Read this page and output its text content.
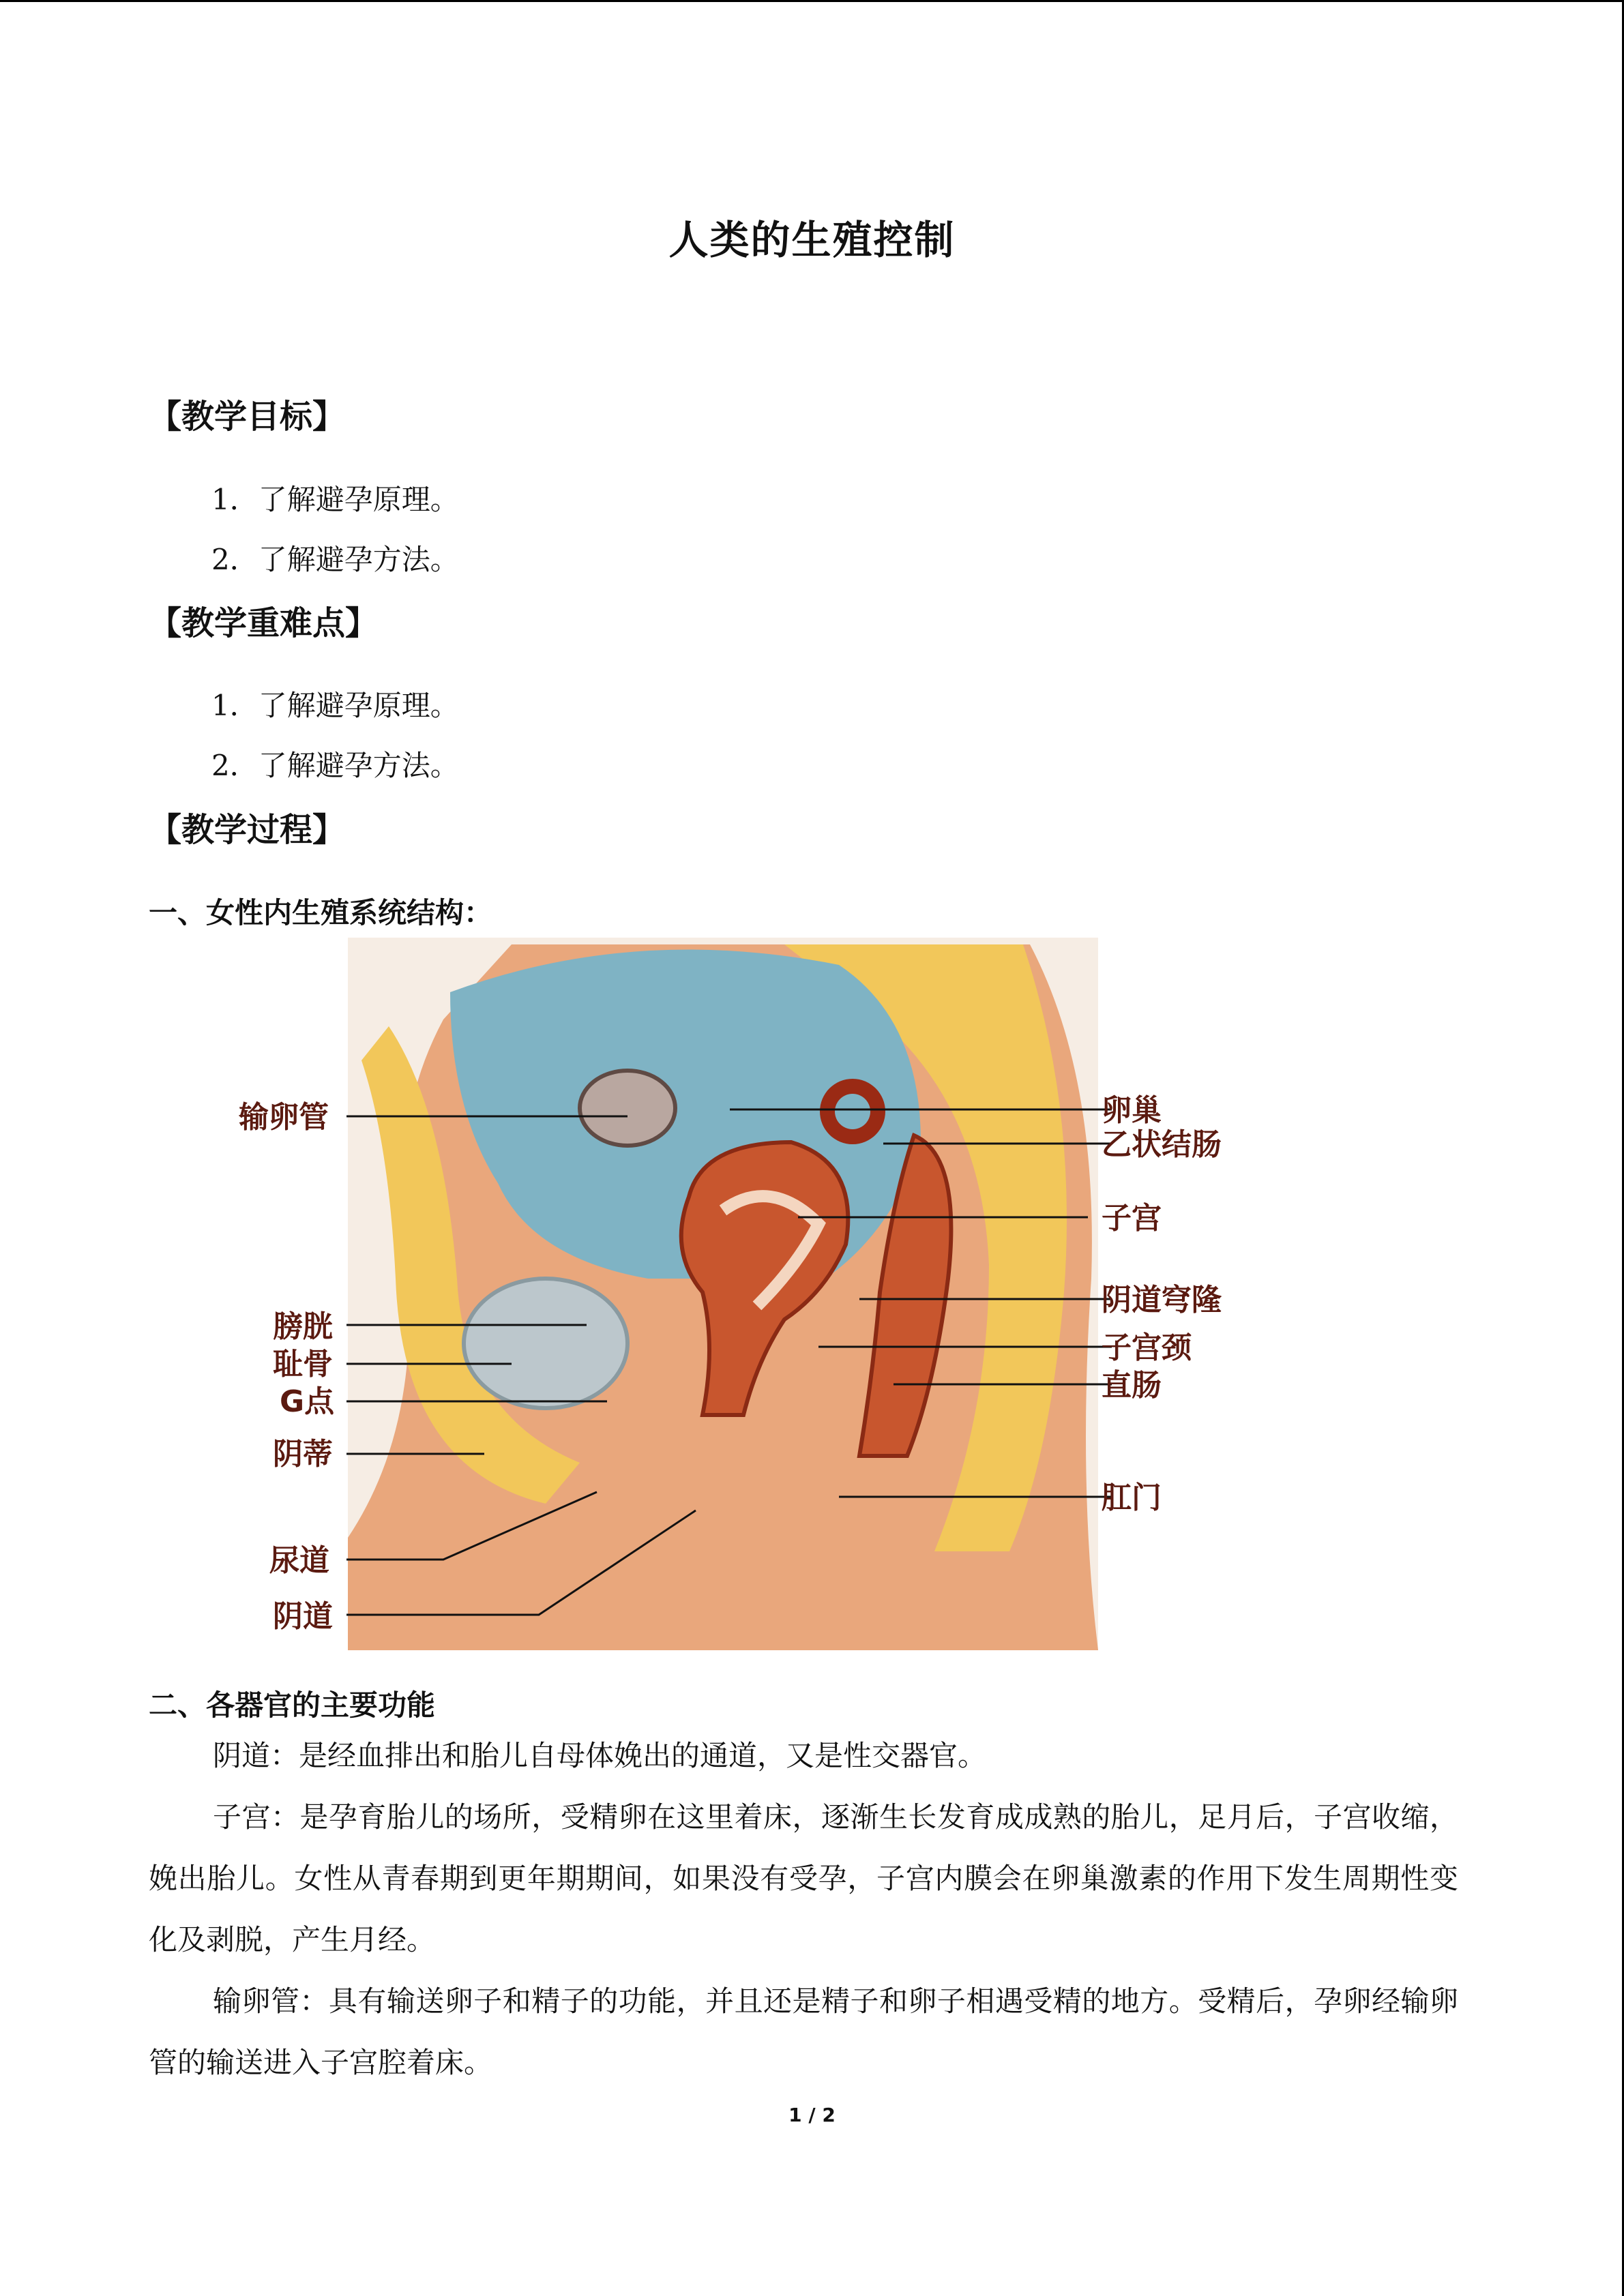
人类的生殖控制
【教学目标】
1．了解避孕原理。
2．了解避孕方法。
【教学重难点】
1．了解避孕原理。
2．了解避孕方法。
【教学过程】
一、女性内生殖系统结构：
输卵管
膀胱
耻骨
G点
阴蒂
尿道
阴道
卵巢
乙状结肠
子宫
阴道穹隆
子宫颈
直肠
肛门
二、各器官的主要功能
阴道：是经血排出和胎儿自母体娩出的通道，又是性交器官。
子宫：是孕育胎儿的场所，受精卵在这里着床，逐渐生长发育成成熟的胎儿，足月后，子宫收缩，娩出胎儿。女性从青春期到更年期期间，如果没有受孕，子宫内膜会在卵巢激素的作用下发生周期性变化及剥脱，产生月经。
输卵管：具有输送卵子和精子的功能，并且还是精子和卵子相遇受精的地方。受精后，孕卵经输卵管的输送进入子宫腔着床。
1 / 2
